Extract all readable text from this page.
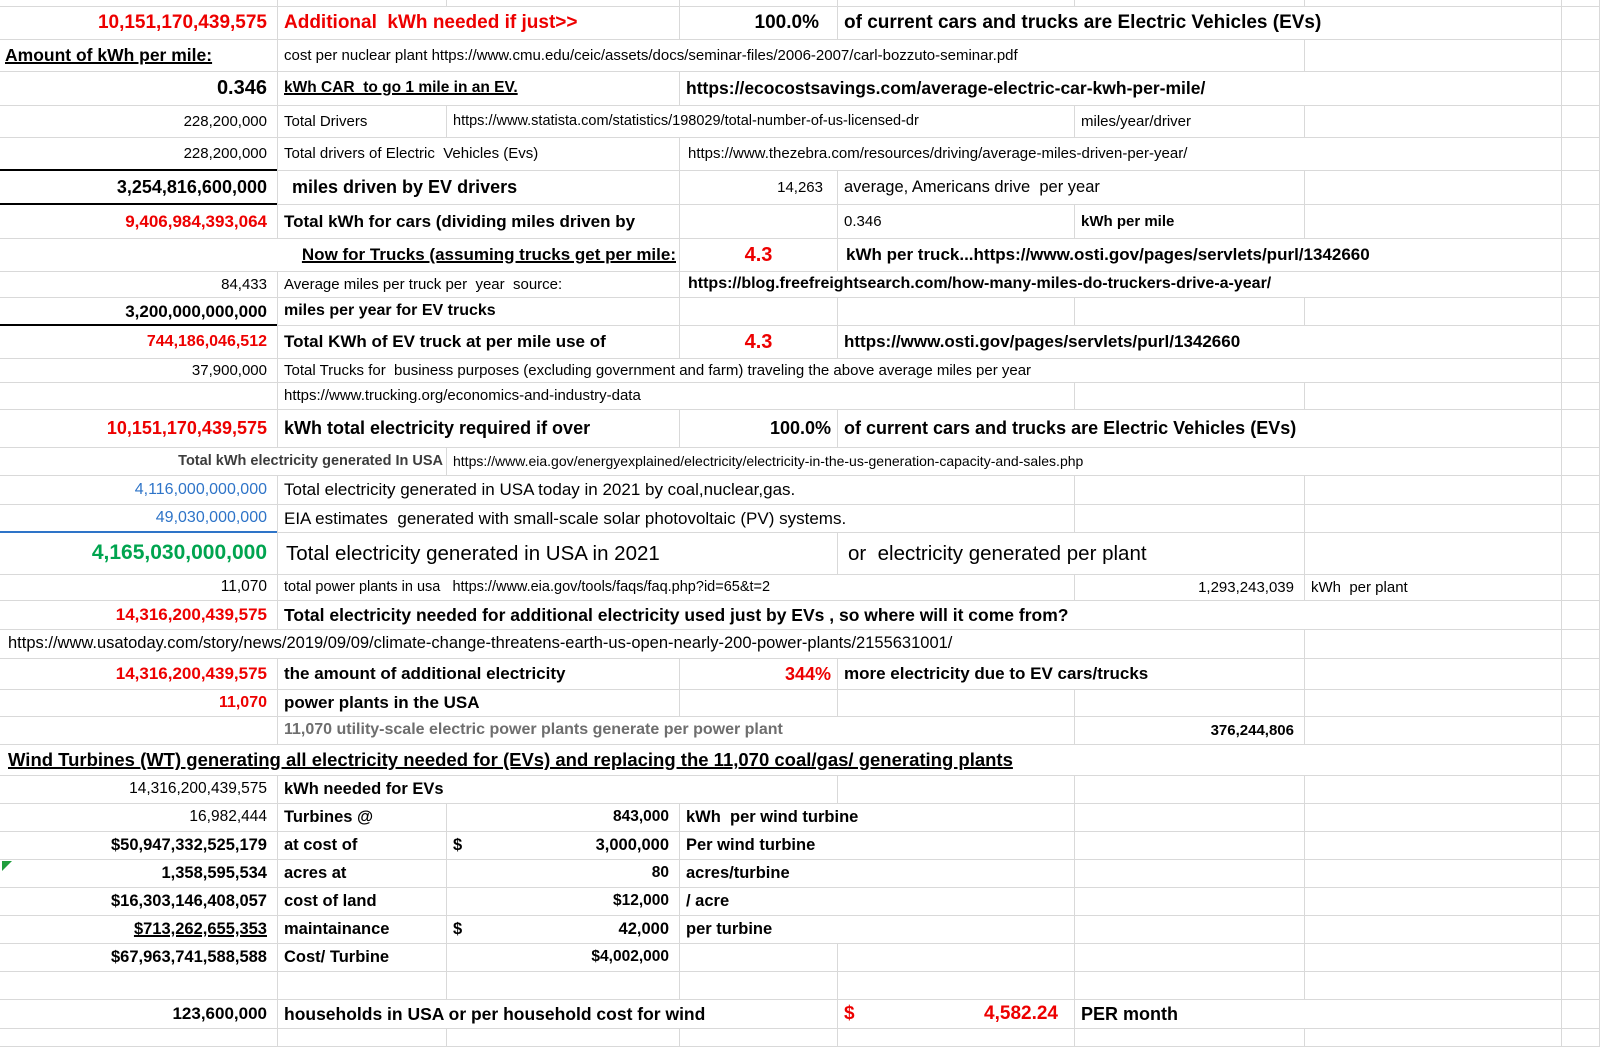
10,151,170,439,575 Additional  kWh needed if just>>	100.0%	of current cars and trucks are Electric Vehicles (EVs)
Amount of kWh per mile:	cost per nuclear plant https://www.cmu.edu/ceic/assets/docs/seminar-files/2006-2007/carl-bozzuto-seminar.pdf
0.346	kWh CAR  to go 1 mile in an EV.	https://ecocostsavings.com/average-electric-car-kwh-per-mile/
228,200,000	Total Drivers	https://www.statista.com/statistics/198029/total-number-of-us-licensed-dr	miles/year/driver
228,200,000	Total drivers of Electric  Vehicles (Evs)	https://www.thezebra.com/resources/driving/average-miles-driven-per-year/
3,254,816,600,000	miles driven by EV drivers	14,263	average, Americans drive  per year
9,406,984,393,064	Total kWh for cars (dividing miles driven by	0.346	kWh per mile
Now for Trucks (assuming trucks get per mile:	4.3	kWh per truck...https://www.osti.gov/pages/servlets/purl/1342660
84,433	Average miles per truck per  year  source:	https://blog.freefreightsearch.com/how-many-miles-do-truckers-drive-a-year/
3,200,000,000,000	miles per year for EV trucks
744,186,046,512	Total KWh of EV truck at per mile use of	4.3	https://www.osti.gov/pages/servlets/purl/1342660
37,900,000	Total Trucks for  business purposes (excluding government and farm) traveling the above average miles per year
https://www.trucking.org/economics-and-industry-data
10,151,170,439,575 kWh total electricity required if over	100.0% of current cars and trucks are Electric Vehicles (EVs)
Total kWh electricity generated In USA https://www.eia.gov/energyexplained/electricity/electricity-in-the-us-generation-capacity-and-sales.php
4,116,000,000,000	Total electricity generated in USA today in 2021 by coal,nuclear,gas.
49,030,000,000	EIA estimates  generated with small-scale solar photovoltaic (PV) systems.
4,165,030,000,000 Total electricity generated in USA in 2021	or  electricity generated per plant
11,070	total power plants in usa   https://www.eia.gov/tools/faqs/faq.php?id=65&t=2	1,293,243,039	kWh  per plant
14,316,200,439,575 Total electricity needed for additional electricity used just by EVs , so where will it come from?
https://www.usatoday.com/story/news/2019/09/09/climate-change-threatens-earth-us-open-nearly-200-power-plants/2155631001/
14,316,200,439,575	the amount of additional electricity	344% more electricity due to EV cars/trucks
11,070	power plants in the USA
11,070 utility-scale electric power plants generate per power plant	376,244,806
Wind Turbines (WT) generating all electricity needed for (EVs) and replacing the 11,070 coal/gas/ generating plants
14,316,200,439,575	kWh needed for EVs
16,982,444	Turbines @	843,000	kWh  per wind turbine
$50,947,332,525,179	at cost of	$	3,000,000	Per wind turbine
1,358,595,534	acres at	80	acres/turbine
$16,303,146,408,057	cost of land	$12,000	/ acre
$713,262,655,353	maintainance	$	42,000	per turbine
$67,963,741,588,588	Cost/ Turbine	$4,002,000
123,600,000 households in USA or per household cost for wind	$	4,582.24	PER month
